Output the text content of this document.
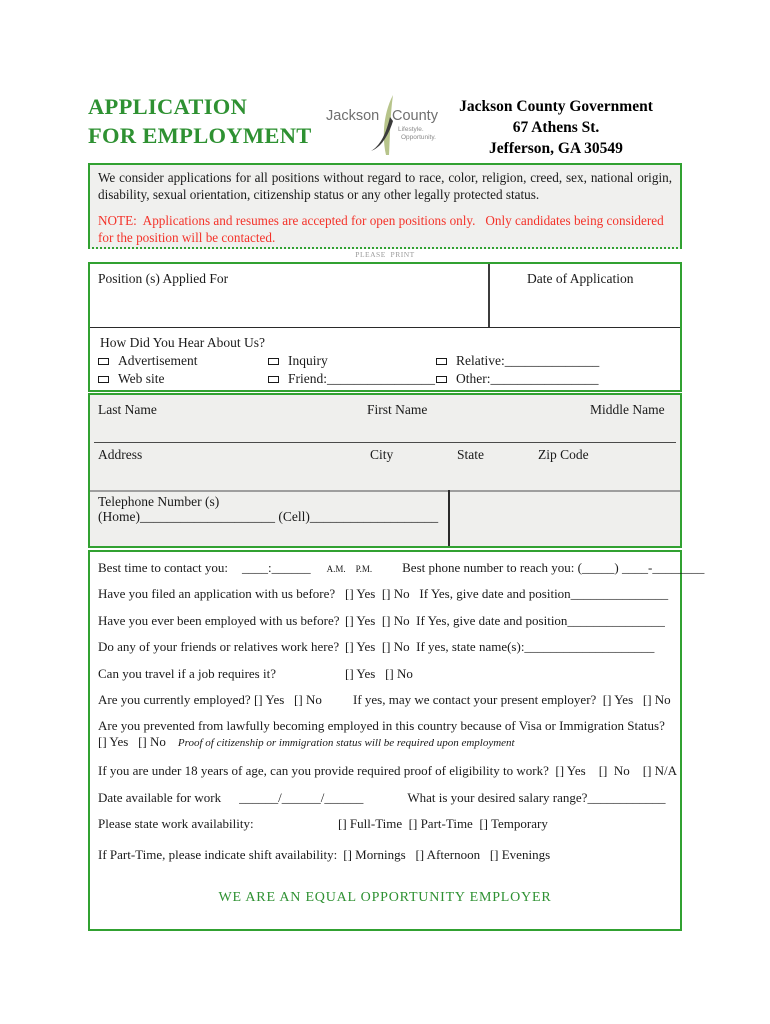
APPLICATION
FOR EMPLOYMENT
Jackson County
Lifestyle.
Opportunity.
Jackson County Government
67 Athens St.
Jefferson, GA 30549

We consider applications for all positions without regard to race, color, religion, creed, sex, national origin, disability, sexual orientation, citizenship status or any other legally protected status.

NOTE:  Applications and resumes are accepted for open positions only.   Only candidates being considered for the position will be contacted.

PLEASE  PRINT
Position (s) Applied For	Date of Application
How Did You Hear About Us?
Advertisement	Inquiry	Relative:______________
Web site	Friend:________________ Other:________________
Last Name	First Name	Middle Name
Address	City	State	Zip Code
Telephone Number (s)
(Home)____________________ (Cell)___________________
Best time to contact you: ____:______ A.M. P.M. Best phone number to reach you: (_____) ____-________
Have you filed an application with us before? [] Yes  [] No   If Yes, give date and position_______________
Have you ever been employed with us before? [] Yes  [] No  If Yes, give date and position_______________
Do any of your friends or relatives work here? [] Yes  [] No  If yes, state name(s):____________________
Can you travel if a job requires it?	[] Yes   [] No
Are you currently employed? [] Yes   [] No	If yes, may we contact your present employer?  [] Yes   [] No
Are you prevented from lawfully becoming employed in this country because of Visa or Immigration Status?
[] Yes   [] No Proof of citizenship or immigration status will be required upon employment
If you are under 18 years of age, can you provide required proof of eligibility to work?  [] Yes    []  No    [] N/A
Date available for work ______/______/______	What is your desired salary range?____________
Please state work availability:	[] Full-Time  [] Part-Time  [] Temporary
If Part-Time, please indicate shift availability: [] Mornings   [] Afternoon   [] Evenings
WE ARE AN EQUAL OPPORTUNITY EMPLOYER
